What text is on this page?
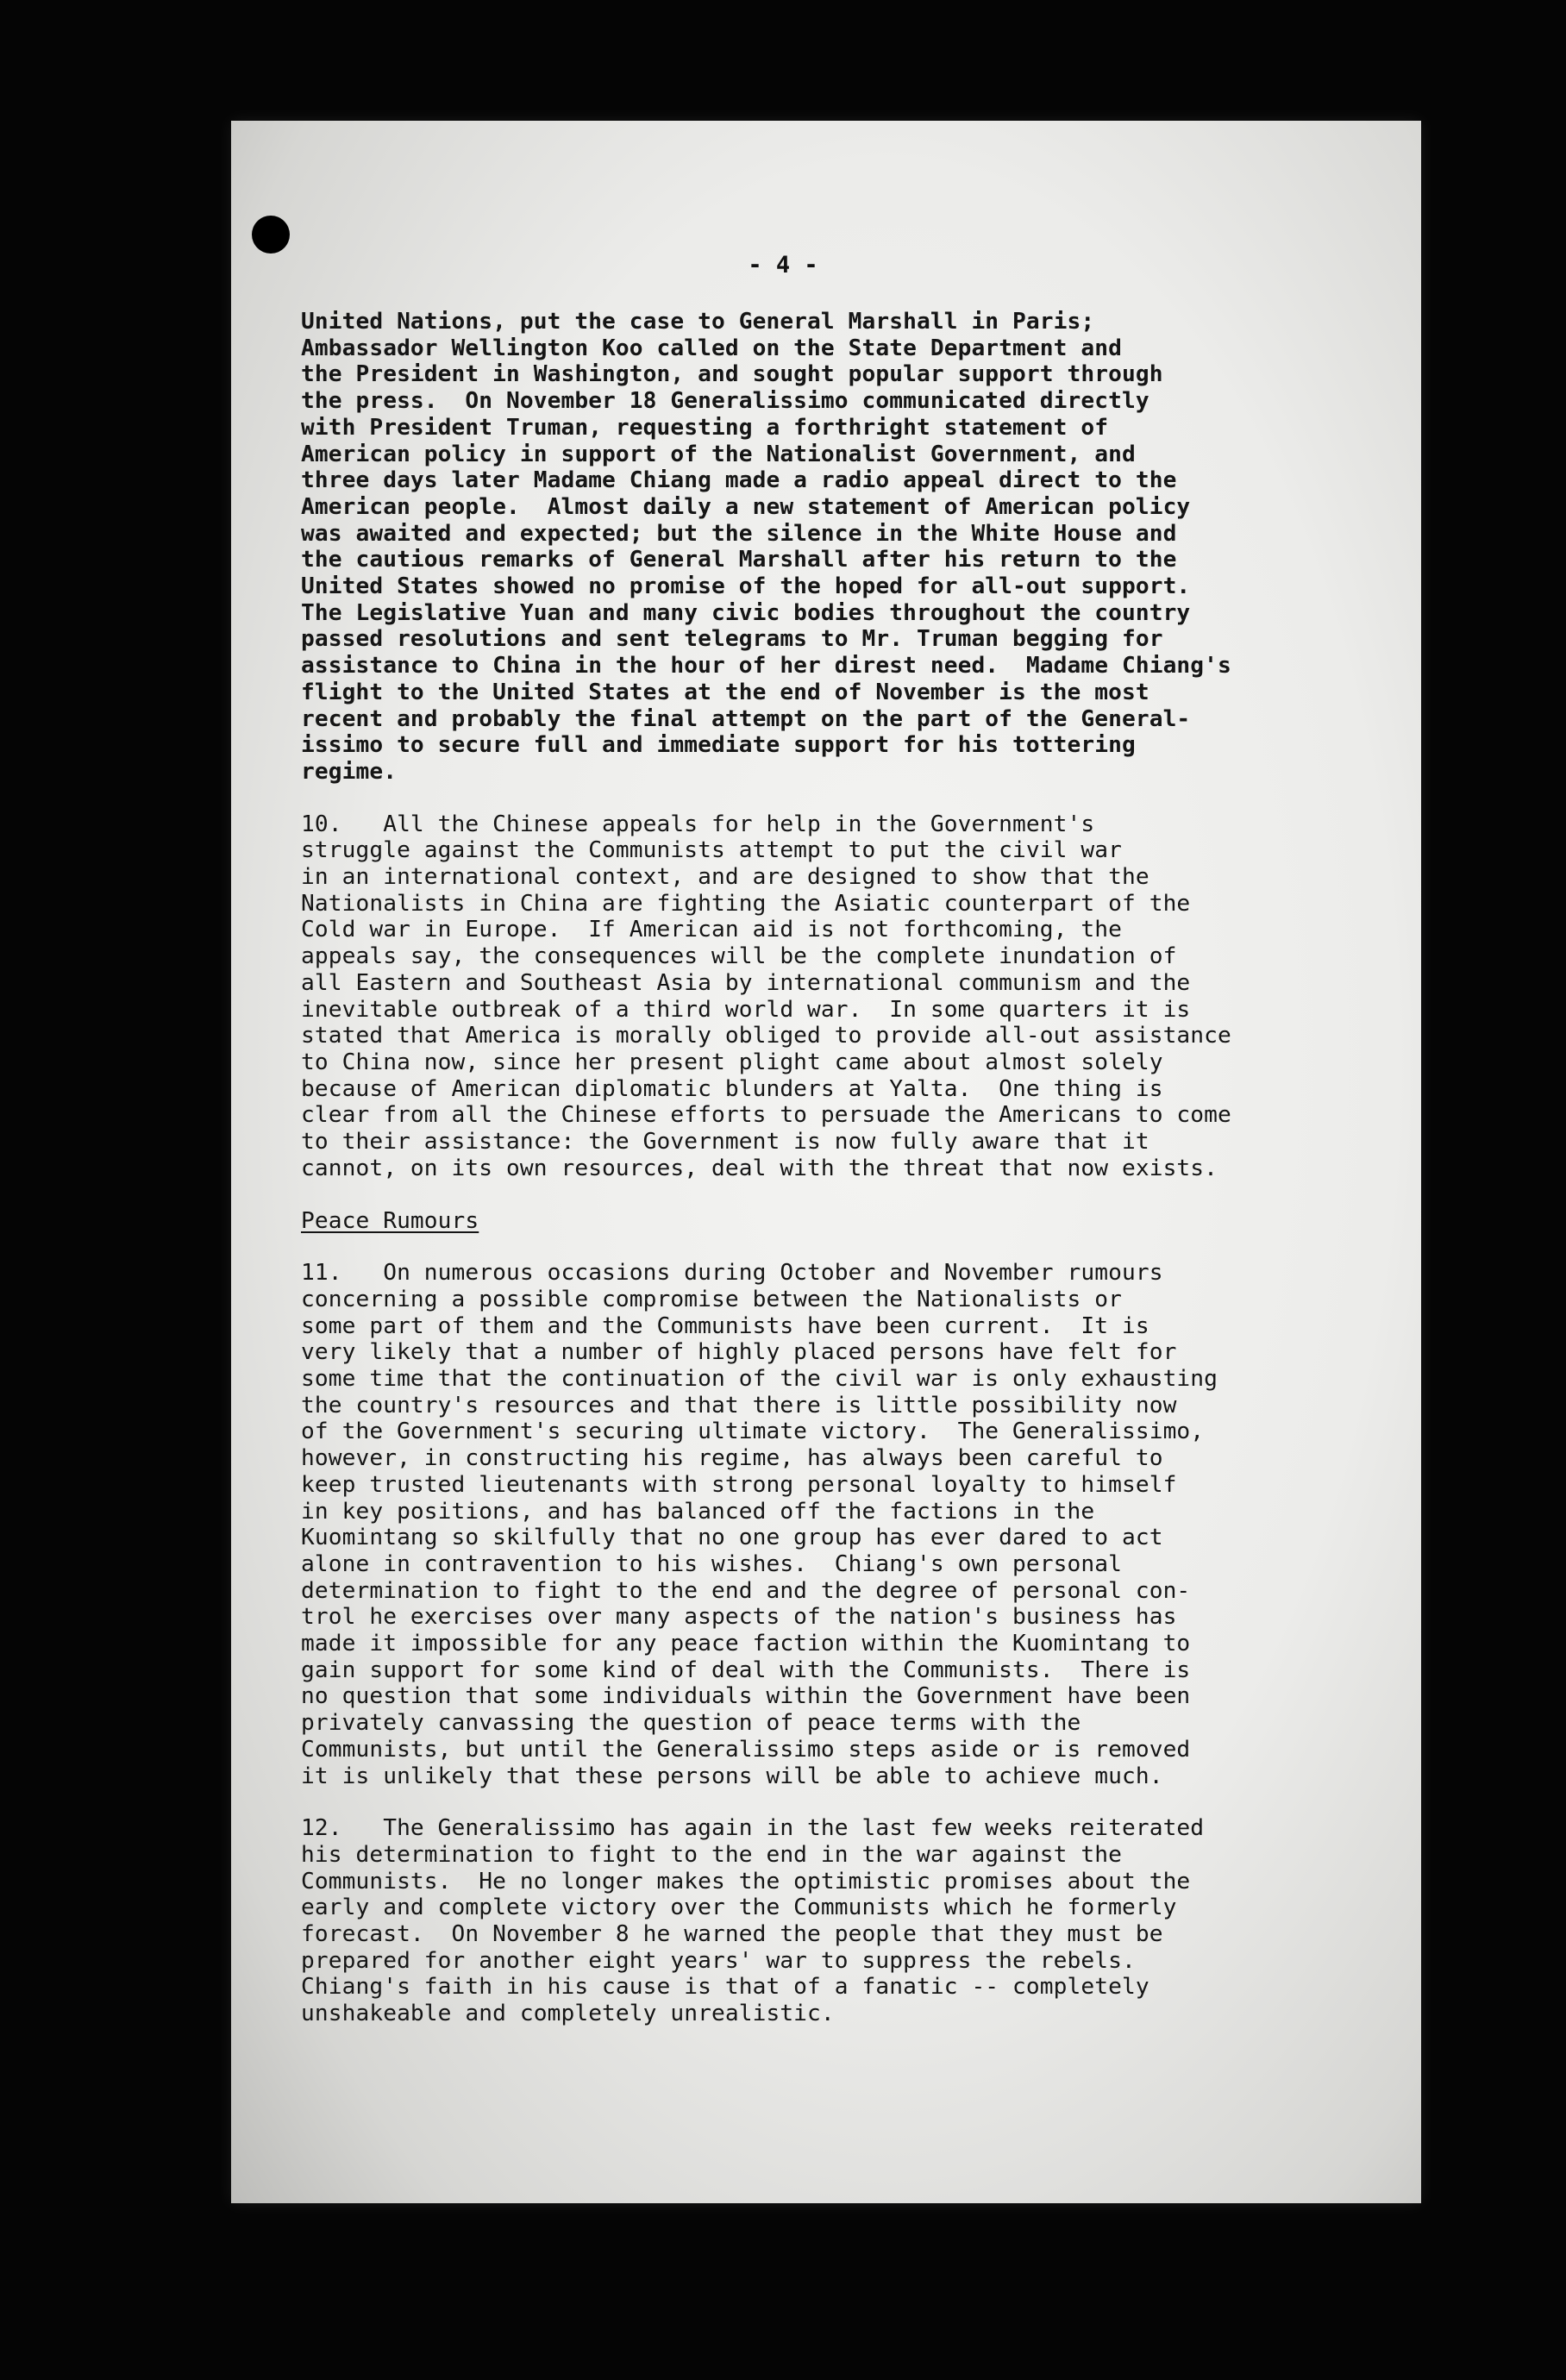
- 4 -
United Nations, put the case to General Marshall in Paris;
Ambassador Wellington Koo called on the State Department and
the President in Washington, and sought popular support through
the press.  On November 18 Generalissimo communicated directly
with President Truman, requesting a forthright statement of
American policy in support of the Nationalist Government, and
three days later Madame Chiang made a radio appeal direct to the
American people.  Almost daily a new statement of American policy
was awaited and expected; but the silence in the White House and
the cautious remarks of General Marshall after his return to the
United States showed no promise of the hoped for all-out support.
The Legislative Yuan and many civic bodies throughout the country
passed resolutions and sent telegrams to Mr. Truman begging for
assistance to China in the hour of her direst need.  Madame Chiang's
flight to the United States at the end of November is the most
recent and probably the final attempt on the part of the General-
issimo to secure full and immediate support for his tottering
regime.
10.   All the Chinese appeals for help in the Government's
struggle against the Communists attempt to put the civil war
in an international context, and are designed to show that the
Nationalists in China are fighting the Asiatic counterpart of the
Cold war in Europe.  If American aid is not forthcoming, the
appeals say, the consequences will be the complete inundation of
all Eastern and Southeast Asia by international communism and the
inevitable outbreak of a third world war.  In some quarters it is
stated that America is morally obliged to provide all-out assistance
to China now, since her present plight came about almost solely
because of American diplomatic blunders at Yalta.  One thing is
clear from all the Chinese efforts to persuade the Americans to come
to their assistance: the Government is now fully aware that it
cannot, on its own resources, deal with the threat that now exists.
Peace Rumours
11.   On numerous occasions during October and November rumours
concerning a possible compromise between the Nationalists or
some part of them and the Communists have been current.  It is
very likely that a number of highly placed persons have felt for
some time that the continuation of the civil war is only exhausting
the country's resources and that there is little possibility now
of the Government's securing ultimate victory.  The Generalissimo,
however, in constructing his regime, has always been careful to
keep trusted lieutenants with strong personal loyalty to himself
in key positions, and has balanced off the factions in the
Kuomintang so skilfully that no one group has ever dared to act
alone in contravention to his wishes.  Chiang's own personal
determination to fight to the end and the degree of personal con-
trol he exercises over many aspects of the nation's business has
made it impossible for any peace faction within the Kuomintang to
gain support for some kind of deal with the Communists.  There is
no question that some individuals within the Government have been
privately canvassing the question of peace terms with the
Communists, but until the Generalissimo steps aside or is removed
it is unlikely that these persons will be able to achieve much.
12.   The Generalissimo has again in the last few weeks reiterated
his determination to fight to the end in the war against the
Communists.  He no longer makes the optimistic promises about the
early and complete victory over the Communists which he formerly
forecast.  On November 8 he warned the people that they must be
prepared for another eight years' war to suppress the rebels.
Chiang's faith in his cause is that of a fanatic -- completely
unshakeable and completely unrealistic.
